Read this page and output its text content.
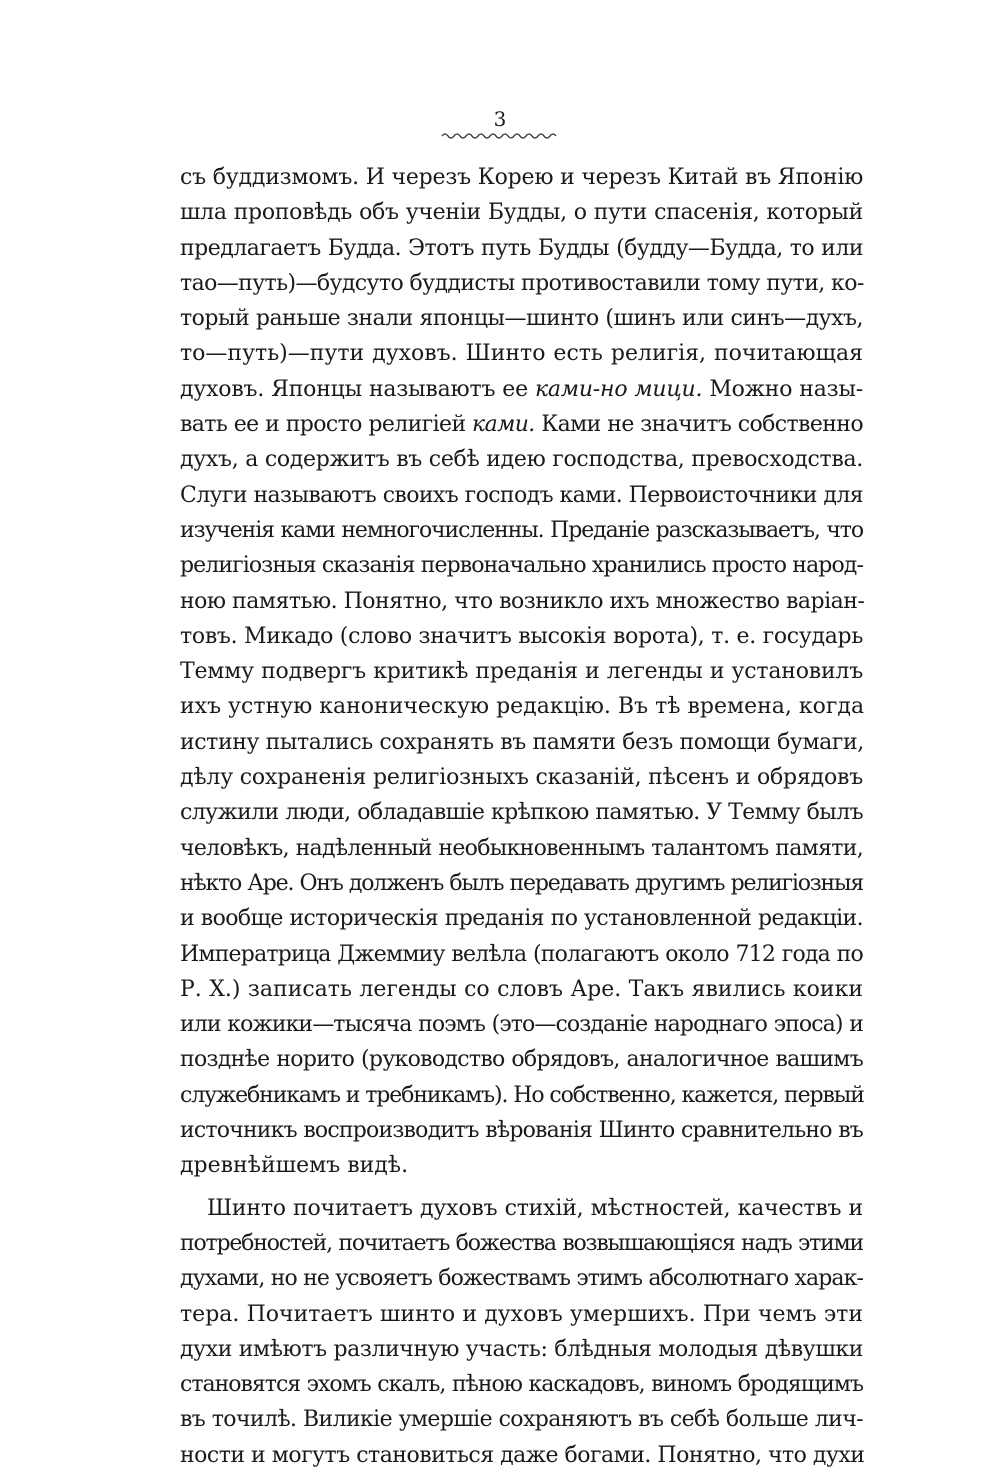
3

съ буддизмомъ. И черезъ Корею и черезъ Китай въ Японію
шла проповѣдь объ ученіи Будды, о пути спасенія, который
предлагаетъ Будда. Этотъ путь Будды (будду—Будда, то или
тао—путь)—будсуто буддисты противоставили тому пути, ко-
торый раньше знали японцы—шинто (шинъ или синъ—духъ,
то—путь)—пути духовъ. Шинто есть религія, почитающая
духовъ. Японцы называютъ ее ками-но мици. Можно назы-
вать ее и просто религіей ками. Ками не значитъ собственно
духъ, а содержитъ въ себѣ идею господства, превосходства.
Слуги называютъ своихъ господъ ками. Первоисточники для
изученія ками немногочисленны. Преданіе разсказываетъ, что
религіозныя сказанія первоначально хранились просто народ-
ною памятью. Понятно, что возникло ихъ множество варіан-
товъ. Микадо (слово значитъ высокія ворота), т. е. государь
Темму подвергъ критикѣ преданія и легенды и установилъ
ихъ устную каноническую редакцію. Въ тѣ времена, когда
истину пытались сохранять въ памяти безъ помощи бумаги,
дѣлу сохраненія религіозныхъ сказаній, пѣсенъ и обрядовъ
служили люди, обладавшіе крѣпкою памятью. У Темму былъ
человѣкъ, надѣленный необыкновеннымъ талантомъ памяти,
нѣкто Аре. Онъ долженъ былъ передавать другимъ религіозныя
и вообще историческія преданія по установленной редакціи.
Императрица Джеммиу велѣла (полагаютъ около 712 года по
Р. X.) записать легенды со словъ Аре. Такъ явились коики
или кожики—тысяча поэмъ (это—созданіе народнаго эпоса) и
позднѣе норито (руководство обрядовъ, аналогичное вашимъ
служебникамъ и требникамъ). Но собственно, кажется, первый
источникъ воспроизводитъ вѣрованія Шинто сравнительно въ
древнѣйшемъ видѣ.

Шинто почитаетъ духовъ стихій, мѣстностей, качествъ и
потребностей, почитаетъ божества возвышающіяся надъ этими
духами, но не усвояетъ божествамъ этимъ абсолютнаго харак-
тера. Почитаетъ шинто и духовъ умершихъ. При чемъ эти
духи имѣютъ различную участь: блѣдныя молодыя дѣвушки
становятся эхомъ скалъ, пѣною каскадовъ, виномъ бродящимъ
въ точилѣ. Виликіе умершіе сохраняютъ въ себѣ больше лич-
ности и могутъ становиться даже богами. Понятно, что духи
